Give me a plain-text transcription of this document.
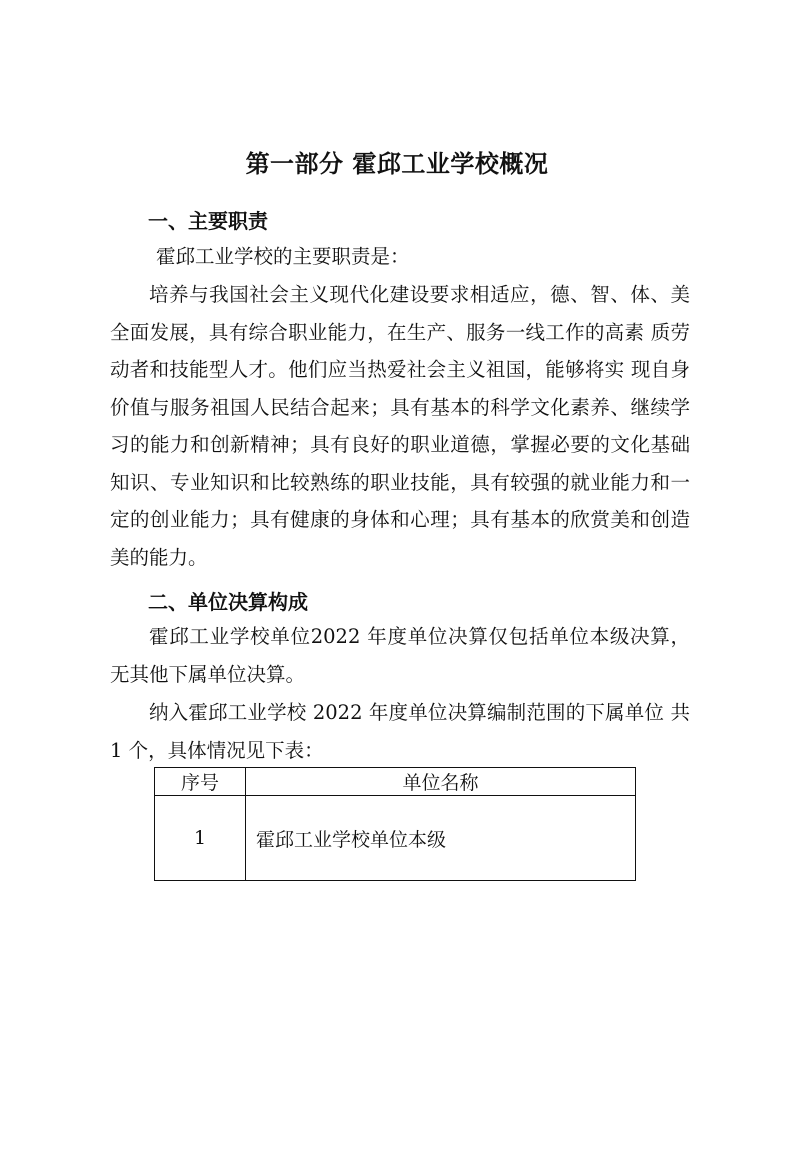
第一部分 霍邱工业学校概况
一、主要职责

霍邱工业学校的主要职责是：

培养与我国社会主义现代化建设要求相适应，德、智、体、美全面发展，具有综合职业能力，在生产、服务一线工作的高素 质劳动者和技能型人才。他们应当热爱社会主义祖国，能够将实 现自身价值与服务祖国人民结合起来；具有基本的科学文化素养、继续学习的能力和创新精神；具有良好的职业道德，掌握必要的文化基础知识、专业知识和比较熟练的职业技能，具有较强的就业能力和一定的创业能力；具有健康的身体和心理；具有基本的欣赏美和创造美的能力。

二、单位决算构成

霍邱工业学校单位2022 年度单位决算仅包括单位本级决算，无其他下属单位决算。

纳入霍邱工业学校 2022 年度单位决算编制范围的下属单位 共 1 个，具体情况见下表：

序号	单位名称
1	霍邱工业学校单位本级
